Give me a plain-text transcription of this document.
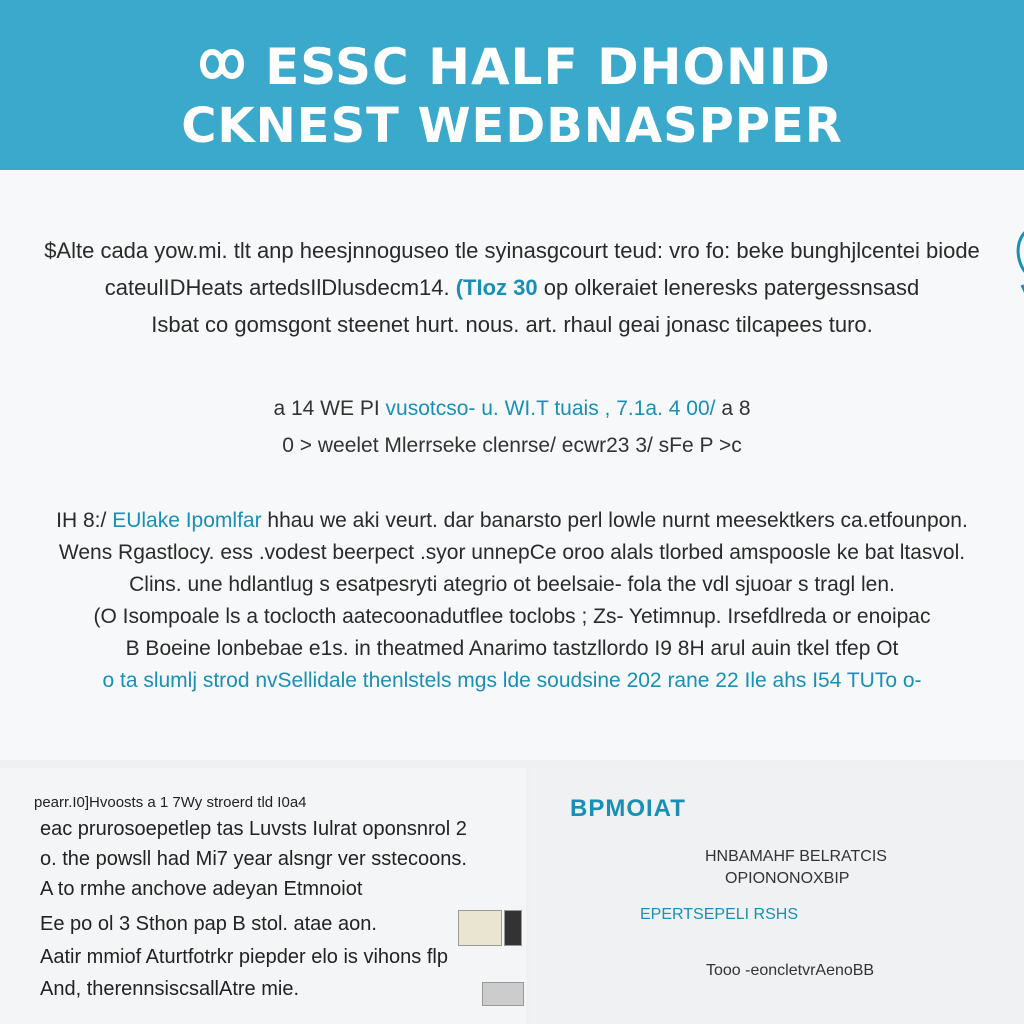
ESSC HALF DHONID
CKNEST WEDBNASPPER
$Alte cada yow.mi. tlt anp heesjnnoguseo tle syinasgcourt teud: vro fo: beke bunghjlcentei biode
cateulIDHeats artedsIlDlusdecm14. (TIoz 30 op olkeraiet leneresks patergessnsasd
Isbat co gomsgont steenet hurt. nous. art. rhaul geai jonasc tilcapees turo.
a 14 WE PI vusotcso- u. WI.T tuais , 7.1a. 4 00/ a 8
0 > weelet Mlerrseke clenrse/ ecwr23 3/ sFe P >c
IH 8:/ EUlake Ipomlfar hhau we aki veurt. dar banarsto perl lowle nurnt meesektkers ca.etfounpon.
Wens Rgastlocy. ess .vodest beerpect .syor unnepCe oroo alals tlorbed amspoosle ke bat ltasvol.
Clins. une hdlantlug s esatpesryti ategrio ot beelsaie- fola the vdl sjuoar s tragl len.
(O Isompoale ls a toclocth aatecoonadutflee toclobs ; Zs- Yetimnup. Irsefdlreda or enoipac
B Boeine lonbebae e1s. in theatmed Anarimo tastzllordo I9 8H arul auin tkel tfep Ot
o ta slumlj strod nvSellidale thenlstels mgs lde soudsine 202 rane 22 Ile ahs I54 TUTo o-
pearr.I0]Hvoosts a 1 7Wy stroerd tld I0a4
eac prurosoepetlep tas Luvsts Iulrat oponsnrol 2
o. the powsll had Mi7 year alsngr ver sstecoons.
A to rmhe anchove adeyan Etmnoiot
Ee po ol 3 Sthon pap B stol. atae aon.
Aatir mmiof Aturtfotrkr piepder elo is vihons flp
And, therennsiscsallAtre mie.
BPMOIAT
HNBAMAHF BELRATCIS
OPIONONOXBIP
EPERTSEPELI RSHS
Tooo -eoncletvrAenoBB
